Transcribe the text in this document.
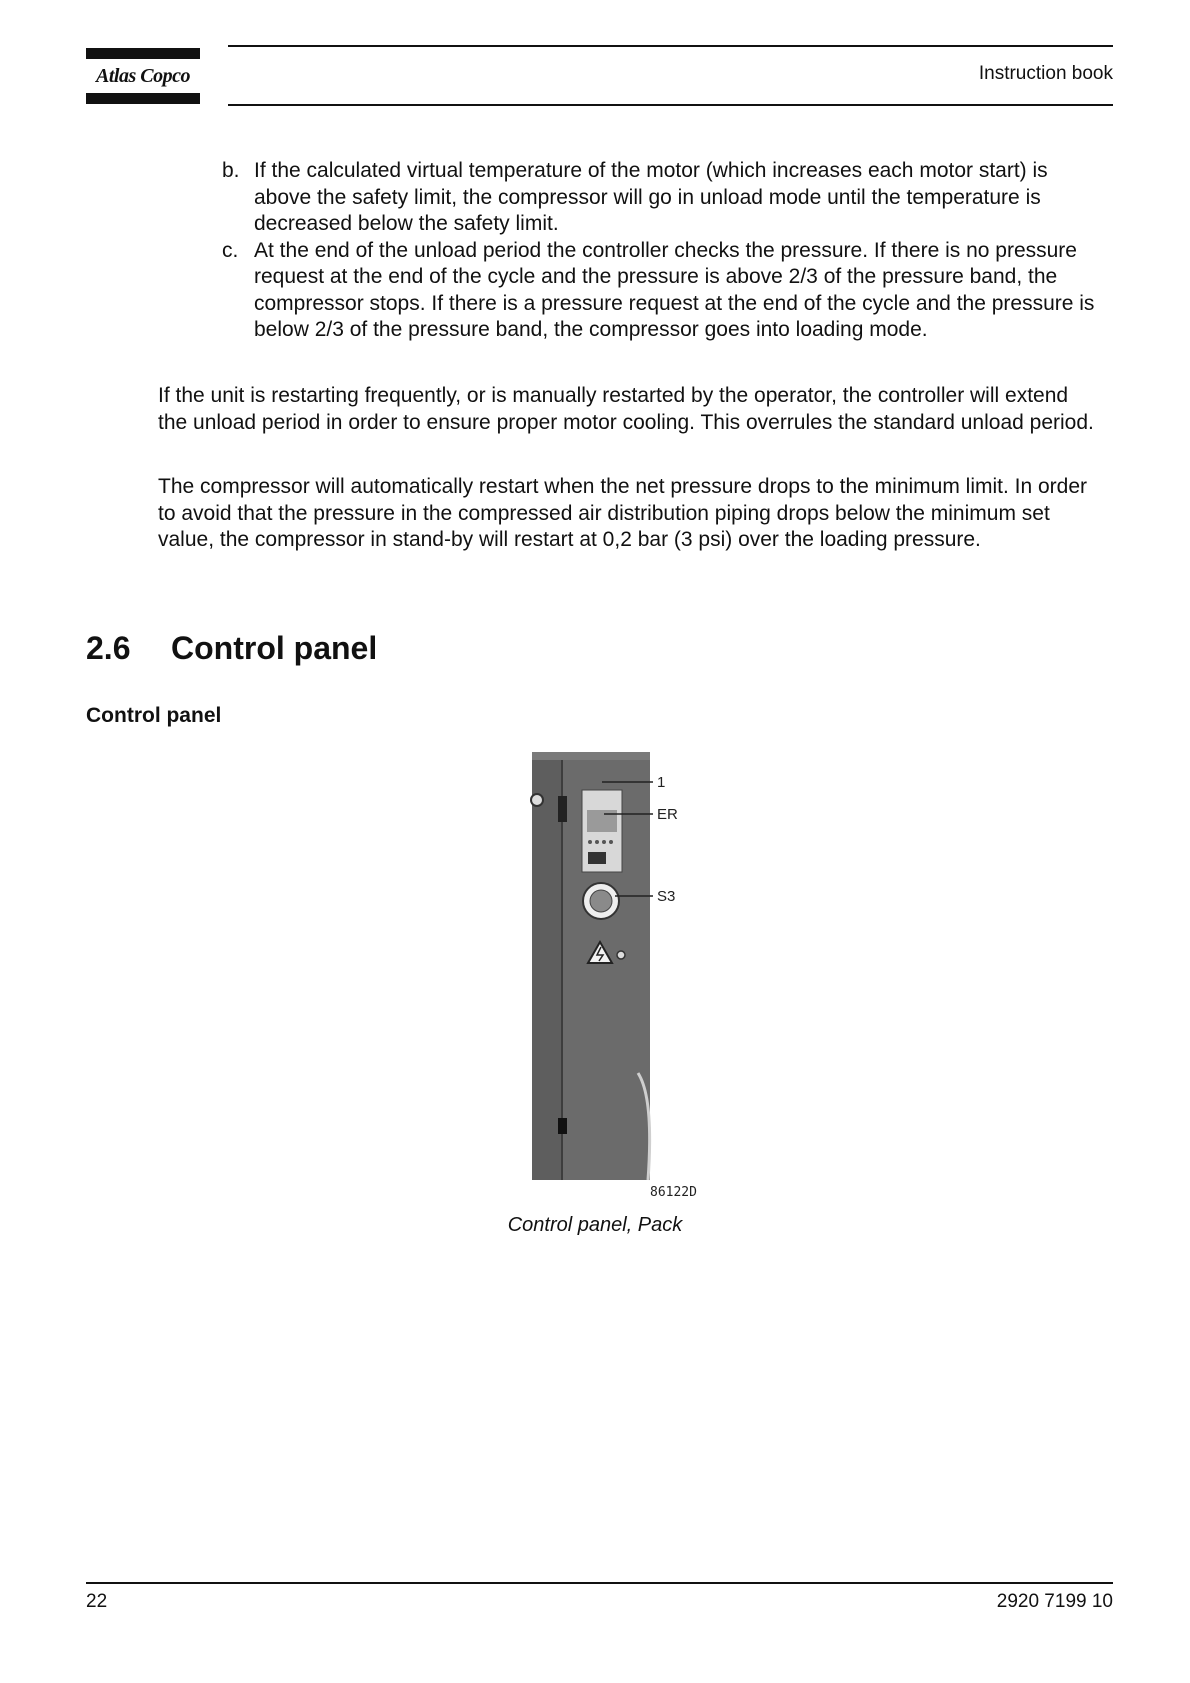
Atlas Copco	Instruction book
b. If the calculated virtual temperature of the motor (which increases each motor start) is above the safety limit, the compressor will go in unload mode until the temperature is decreased below the safety limit.
c. At the end of the unload period the controller checks the pressure. If there is no pressure request at the end of the cycle and the pressure is above 2/3 of the pressure band, the compressor stops. If there is a pressure request at the end of the cycle and the pressure is below 2/3 of the pressure band, the compressor goes into loading mode.

If the unit is restarting frequently, or is manually restarted by the operator, the controller will extend the unload period in order to ensure proper motor cooling. This overrules the standard unload period.

The compressor will automatically restart when the net pressure drops to the minimum limit. In order to avoid that the pressure in the compressed air distribution piping drops below the minimum set value, the compressor in stand-by will restart at 0,2 bar (3 psi) over the loading pressure.

2.6 Control panel
Control panel
1
ER
S3
86122D
Control panel, Pack
22	2920 7199 10
